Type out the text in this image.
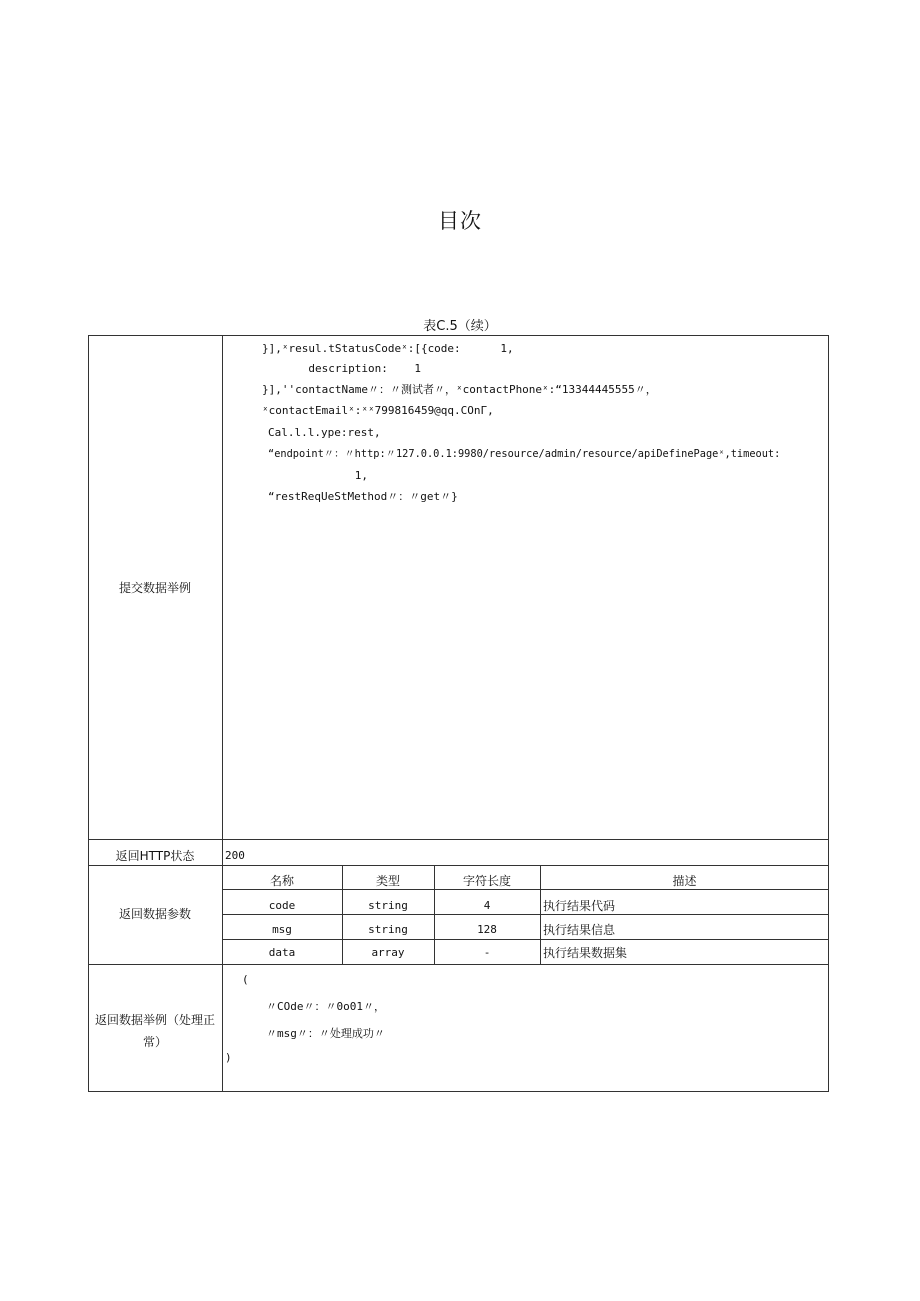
目次
表C.5（续）
提交数据举例
}],ˣresul.tStatusCodeˣ:[{code:      1,
description:    1
}],''contactName〃：〃测试者〃，ˣcontactPhoneˣ:“13344445555〃，
ˣcontactEmailˣ:ˣˣ799816459@qq.COnΓ,
Cal.l.l.ype:rest,
“endpoint〃：〃http:〃127.0.0.1:9980/resource/admin/resource/apiDefinePageˣ,timeout:
1,
“restReqUeStMethod〃：〃get〃}
返回HTTP状态	200
返回数据参数
名称	类型	字符长度	描述
code	string	4	执行结果代码
msg	string	128	执行结果信息
data	array	-	执行结果数据集
返回数据举例（处理正
常）
(
〃COde〃：〃0o01〃，
〃msg〃：〃处理成功〃
)
